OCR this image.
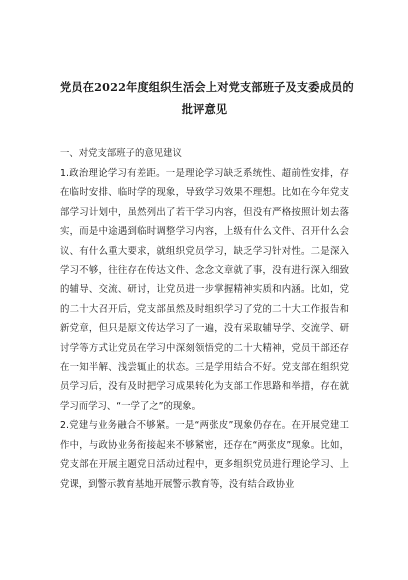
党员在2022年度组织生活会上对党支部班子及支委成员的
批评意见
一、对党支部班子的意见建议

1.政治理论学习有差距。一是理论学习缺乏系统性、超前性安排，存在临时安排、临时学的现象，导致学习效果不理想。比如在今年党支部学习计划中，虽然列出了若干学习内容，但没有严格按照计划去落实，而是中途遇到临时调整学习内容，上级有什么文件、召开什么会议、有什么重大要求，就组织党员学习，缺乏学习针对性。二是深入学习不够，往往存在传达文件、念念文章就了事，没有进行深入细致的辅导、交流、研讨，让党员进一步掌握精神实质和内涵。比如，党的二十大召开后，党支部虽然及时组织学习了党的二十大工作报告和新党章，但只是原文传达学习了一遍，没有采取辅导学、交流学、研讨学等方式让党员在学习中深刻领悟党的二十大精神，党员干部还存在一知半解、浅尝辄止的状态。三是学用结合不好。党支部在组织党员学习后，没有及时把学习成果转化为支部工作思路和举措，存在就学习而学习、“一学了之”的现象。

2.党建与业务融合不够紧。一是“两张皮”现象仍存在。在开展党建工作中，与政协业务衔接起来不够紧密，还存在“两张皮”现象。比如，党支部在开展主题党日活动过程中，更多组织党员进行理论学习、上党课，到警示教育基地开展警示教育等，没有结合政协业
